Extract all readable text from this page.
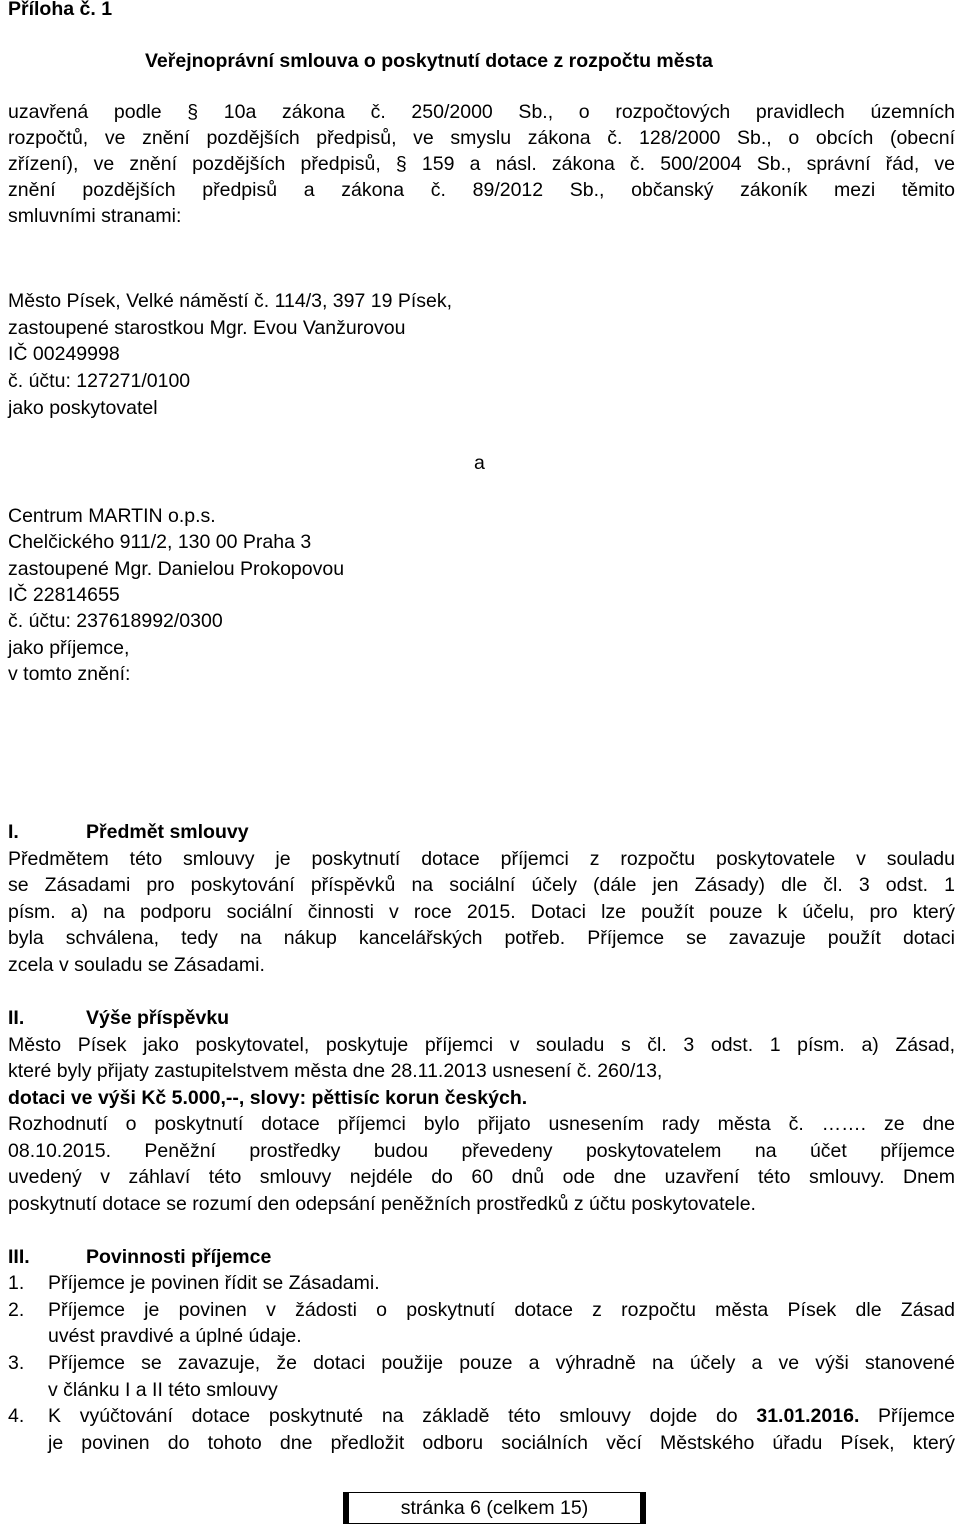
Příloha č. 1
Veřejnoprávní smlouva o poskytnutí dotace z rozpočtu města
uzavřená podle § 10a zákona č. 250/2000 Sb., o rozpočtových pravidlech územních
rozpočtů, ve znění pozdějších předpisů, ve smyslu zákona č. 128/2000 Sb., o obcích (obecní
zřízení), ve znění pozdějších předpisů, § 159 a násl. zákona č. 500/2004 Sb., správní řád, ve
znění pozdějších předpisů a zákona č. 89/2012 Sb., občanský zákoník mezi těmito
smluvními stranami:
Město Písek, Velké náměstí č. 114/3, 397 19 Písek,
zastoupené starostkou Mgr. Evou Vanžurovou
IČ 00249998
č. účtu: 127271/0100
jako poskytovatel
a
Centrum MARTIN o.p.s.
Chelčického 911/2, 130 00 Praha 3
zastoupené Mgr. Danielou Prokopovou
IČ 22814655
č. účtu: 237618992/0300
jako příjemce,
v tomto znění:
I.	Předmět smlouvy
Předmětem této smlouvy je poskytnutí dotace příjemci z rozpočtu poskytovatele v souladu
se Zásadami pro poskytování příspěvků na sociální účely (dále jen Zásady) dle čl. 3 odst. 1
písm. a) na podporu sociální činnosti v roce 2015. Dotaci lze použít pouze k účelu, pro který
byla schválena, tedy na nákup kancelářských potřeb. Příjemce se zavazuje použít dotaci
zcela v souladu se Zásadami.
II.	Výše příspěvku
Město Písek jako poskytovatel, poskytuje příjemci v souladu s čl. 3 odst. 1 písm. a) Zásad,
které byly přijaty zastupitelstvem města dne 28.11.2013 usnesení č. 260/13,
dotaci ve výši Kč 5.000,--, slovy: pěttisíc korun českých.
Rozhodnutí o poskytnutí dotace příjemci bylo přijato usnesením rady města č. ……. ze dne
08.10.2015. Peněžní prostředky budou převedeny poskytovatelem na účet příjemce
uvedený v záhlaví této smlouvy nejdéle do 60 dnů ode dne uzavření této smlouvy. Dnem
poskytnutí dotace se rozumí den odepsání peněžních prostředků z účtu poskytovatele.
III.	Povinnosti příjemce
1. Příjemce je povinen řídit se Zásadami.
2. Příjemce je povinen v žádosti o poskytnutí dotace z rozpočtu města Písek dle Zásad
uvést pravdivé a úplné údaje.
3. Příjemce se zavazuje, že dotaci použije pouze a výhradně na účely a ve výši stanovené
v článku I a II této smlouvy
4. K vyúčtování dotace poskytnuté na základě této smlouvy dojde do 31.01.2016. Příjemce
je povinen do tohoto dne předložit odboru sociálních věcí Městského úřadu Písek, který
stránka 6 (celkem 15)
